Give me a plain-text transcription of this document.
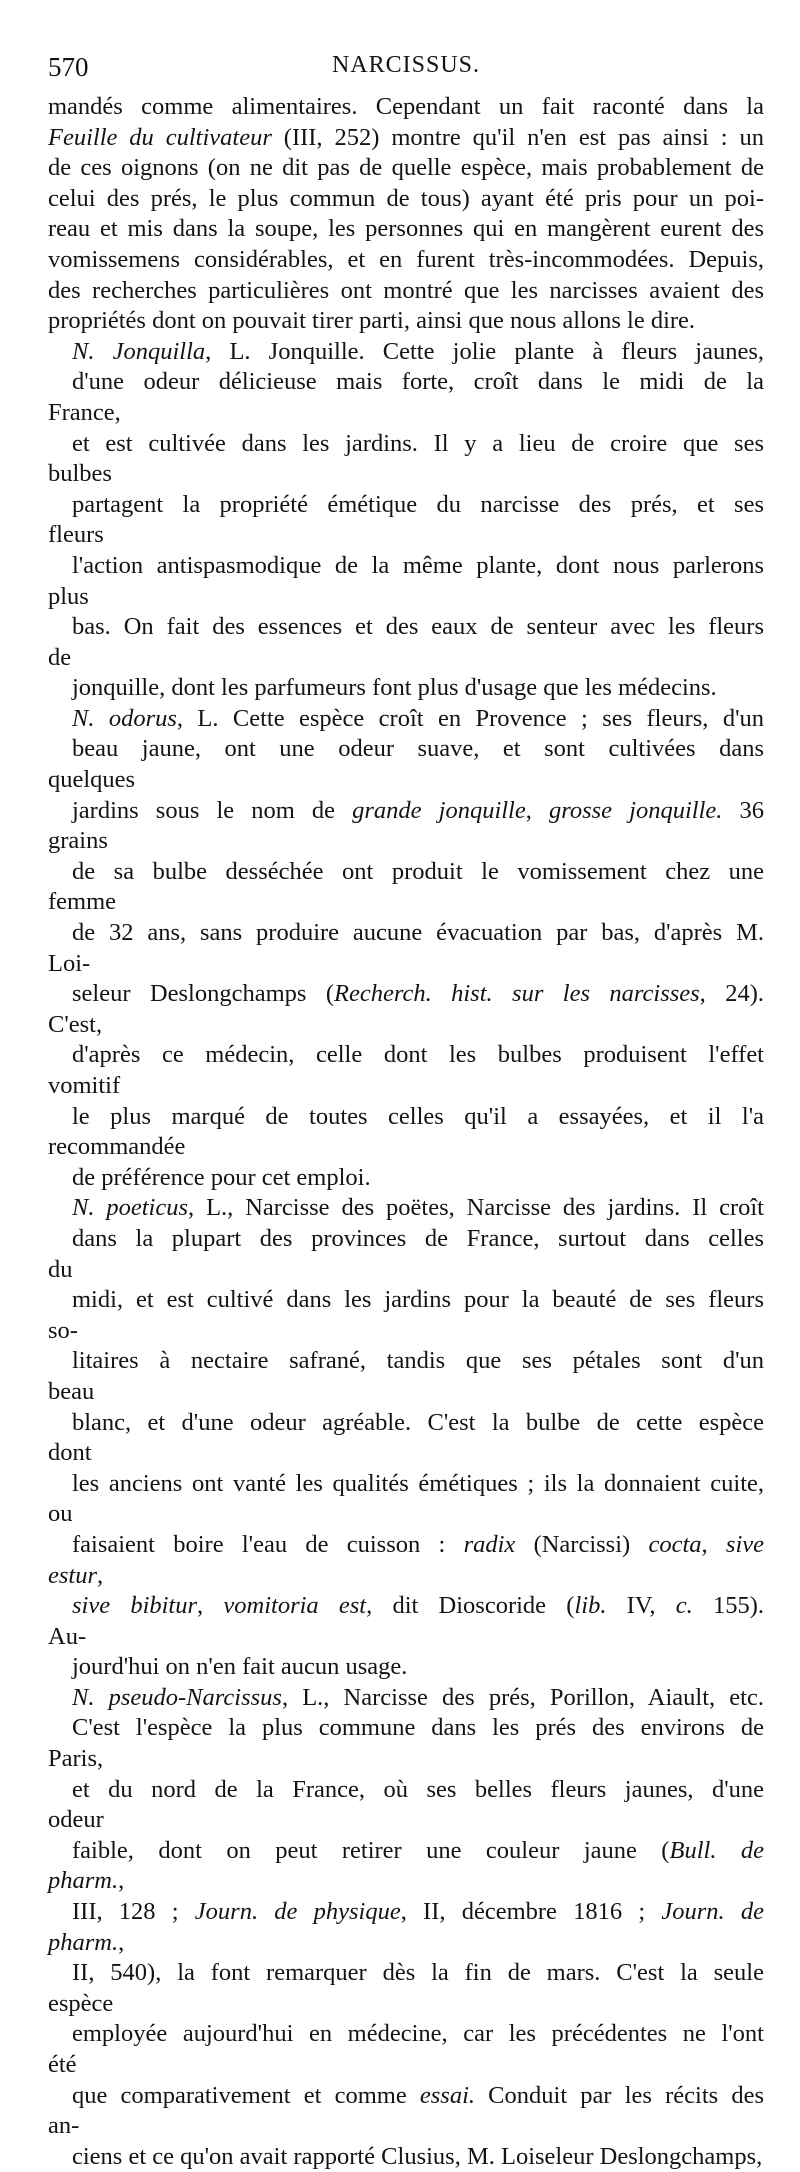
570	NARCISSUS.
mandés comme alimentaires. Cependant un fait raconté dans la
Feuille du cultivateur (III, 252) montre qu'il n'en est pas ainsi : un
de ces oignons (on ne dit pas de quelle espèce, mais probablement de
celui des prés, le plus commun de tous) ayant été pris pour un poi-
reau et mis dans la soupe, les personnes qui en mangèrent eurent des
vomissemens considérables, et en furent très-incommodées. Depuis,
des recherches particulières ont montré que les narcisses avaient des
propriétés dont on pouvait tirer parti, ainsi que nous allons le dire.
N. Jonquilla, L. Jonquille. Cette jolie plante à fleurs jaunes,
d'une odeur délicieuse mais forte, croît dans le midi de la France,
et est cultivée dans les jardins. Il y a lieu de croire que ses bulbes
partagent la propriété émétique du narcisse des prés, et ses fleurs
l'action antispasmodique de la même plante, dont nous parlerons plus
bas. On fait des essences et des eaux de senteur avec les fleurs de
jonquille, dont les parfumeurs font plus d'usage que les médecins.
N. odorus, L. Cette espèce croît en Provence ; ses fleurs, d'un
beau jaune, ont une odeur suave, et sont cultivées dans quelques
jardins sous le nom de grande jonquille, grosse jonquille. 36 grains
de sa bulbe desséchée ont produit le vomissement chez une femme
de 32 ans, sans produire aucune évacuation par bas, d'après M. Loi-
seleur Deslongchamps (Recherch. hist. sur les narcisses, 24). C'est,
d'après ce médecin, celle dont les bulbes produisent l'effet vomitif
le plus marqué de toutes celles qu'il a essayées, et il l'a recommandée
de préférence pour cet emploi.
N. poeticus, L., Narcisse des poëtes, Narcisse des jardins. Il croît
dans la plupart des provinces de France, surtout dans celles du
midi, et est cultivé dans les jardins pour la beauté de ses fleurs so-
litaires à nectaire safrané, tandis que ses pétales sont d'un beau
blanc, et d'une odeur agréable. C'est la bulbe de cette espèce dont
les anciens ont vanté les qualités émétiques ; ils la donnaient cuite, ou
faisaient boire l'eau de cuisson : radix (Narcissi) cocta, sive estur,
sive bibitur, vomitoria est, dit Dioscoride (lib. IV, c. 155). Au-
jourd'hui on n'en fait aucun usage.
N. pseudo-Narcissus, L., Narcisse des prés, Porillon, Aiault, etc.
C'est l'espèce la plus commune dans les prés des environs de Paris,
et du nord de la France, où ses belles fleurs jaunes, d'une odeur
faible, dont on peut retirer une couleur jaune (Bull. de pharm.,
III, 128 ; Journ. de physique, II, décembre 1816 ; Journ. de pharm.,
II, 540), la font remarquer dès la fin de mars. C'est la seule espèce
employée aujourd'hui en médecine, car les précédentes ne l'ont été
que comparativement et comme essai. Conduit par les récits des an-
ciens et ce qu'on avait rapporté Clusius, M. Loiseleur Deslongchamps,
